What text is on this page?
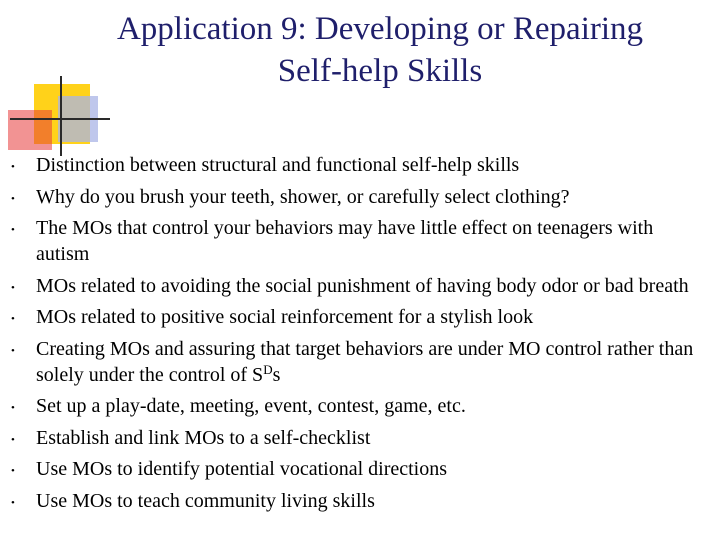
Application 9: Developing or Repairing
Self-help Skills
• Distinction between structural and functional self-help skills
• Why do you brush your teeth, shower, or carefully select clothing?
• The MOs that control your behaviors may have little effect on teenagers with autism
• MOs related to avoiding the social punishment of having body odor or bad breath
• MOs related to positive social reinforcement for a stylish look
• Creating MOs and assuring that target behaviors are under MO control rather than solely under the control of $S^Ds$
• Set up a play-date, meeting, event, contest, game, etc.
• Establish and link MOs to a self-checklist
• Use MOs to identify potential vocational directions
• Use MOs to teach community living skills
